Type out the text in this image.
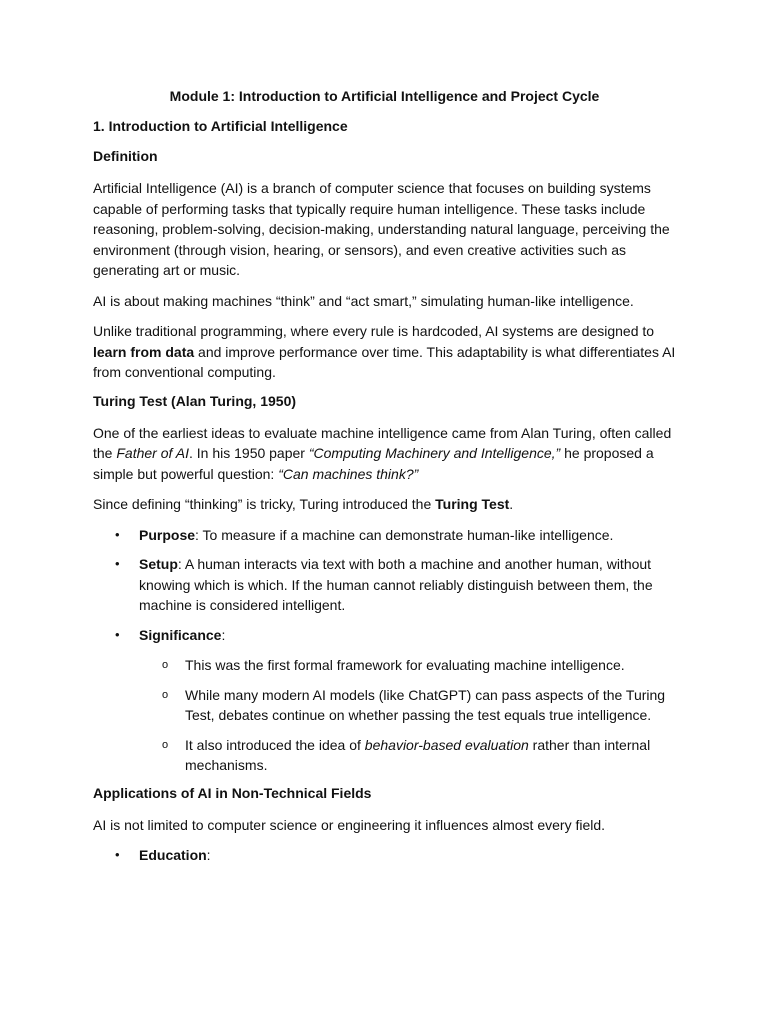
Module 1: Introduction to Artificial Intelligence and Project Cycle
1. Introduction to Artificial Intelligence
Definition

Artificial Intelligence (AI) is a branch of computer science that focuses on building systems capable of performing tasks that typically require human intelligence. These tasks include reasoning, problem-solving, decision-making, understanding natural language, perceiving the environment (through vision, hearing, or sensors), and even creative activities such as generating art or music.

AI is about making machines “think” and “act smart,” simulating human-like intelligence.

Unlike traditional programming, where every rule is hardcoded, AI systems are designed to learn from data and improve performance over time. This adaptability is what differentiates AI from conventional computing.

Turing Test (Alan Turing, 1950)

One of the earliest ideas to evaluate machine intelligence came from Alan Turing, often called the Father of AI. In his 1950 paper “Computing Machinery and Intelligence,” he proposed a simple but powerful question: “Can machines think?”

Since defining “thinking” is tricky, Turing introduced the Turing Test.

• Purpose: To measure if a machine can demonstrate human-like intelligence.
• Setup: A human interacts via text with both a machine and another human, without knowing which is which. If the human cannot reliably distinguish between them, the machine is considered intelligent.
• Significance:
o This was the first formal framework for evaluating machine intelligence.
o While many modern AI models (like ChatGPT) can pass aspects of the Turing Test, debates continue on whether passing the test equals true intelligence.
o It also introduced the idea of behavior-based evaluation rather than internal mechanisms.
Applications of AI in Non-Technical Fields

AI is not limited to computer science or engineering it influences almost every field.

• Education:
